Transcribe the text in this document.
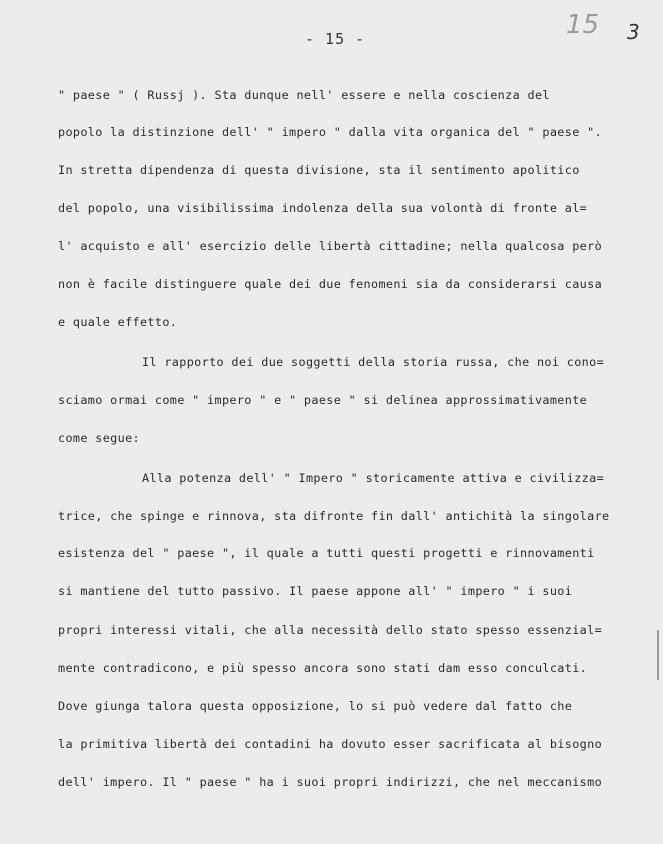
- 15 -	15 3
" paese " ( Russj ). Sta dunque nell' essere e nella coscienza del
popolo la distinzione dell' " impero " dalla vita organica del " paese ".
In stretta dipendenza di questa divisione, sta il sentimento apolitico
del popolo, una visibilissima indolenza della sua volontà di fronte al=
l' acquisto e all' esercizio delle libertà cittadine; nella qualcosa però
non è facile distinguere quale dei due fenomeni sia da considerarsi causa
e quale effetto.
Il rapporto dei due soggetti della storia russa, che noi cono=
sciamo ormai come " impero " e " paese " si delinea approssimativamente
come segue:
Alla potenza dell' " Impero " storicamente attiva e civilizza=
trice, che spinge e rinnova, sta difronte fin dall' antichità la singolare
esistenza del " paese ", il quale a tutti questi progetti e rinnovamenti
si mantiene del tutto passivo. Il paese appone all' " impero " i suoi
propri interessi vitali, che alla necessità dello stato spesso essenzial=
mente contradicono, e più spesso ancora sono stati dam esso conculcati.
Dove giunga talora questa opposizione, lo si può vedere dal fatto che
la primitiva libertà dei contadini ha dovuto esser sacrificata al bisogno
dell' impero. Il " paese " ha i suoi propri indirizzi, che nel meccanismo
